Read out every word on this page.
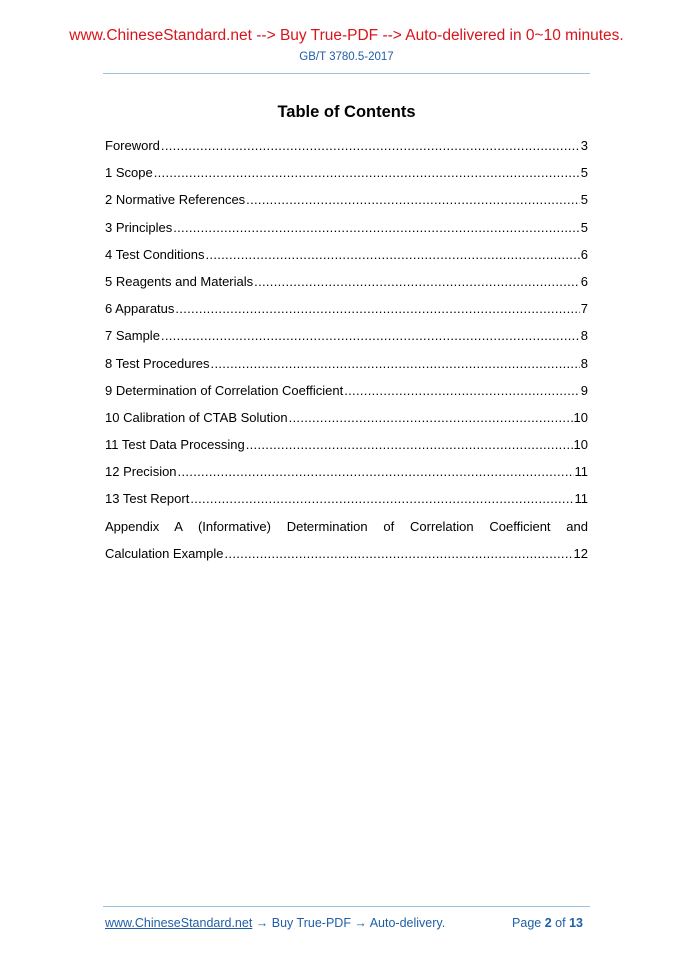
www.ChineseStandard.net --> Buy True-PDF --> Auto-delivered in 0~10 minutes.
GB/T 3780.5-2017
Table of Contents
Foreword .....	3
1 Scope .....	5
2 Normative References .....	5
3 Principles .....	5
4 Test Conditions .....	6
5 Reagents and Materials .....	6
6 Apparatus .....	7
7 Sample .....	8
8 Test Procedures .....	8
9 Determination of Correlation Coefficient .....	9
10 Calibration of CTAB Solution .....	10
11 Test Data Processing .....	10
12 Precision .....	11
13 Test Report .....	11
Appendix A (Informative) Determination of Correlation Coefficient and
Calculation Example .....	12
www.ChineseStandard.net → Buy True-PDF → Auto-delivery.	Page 2 of 13
